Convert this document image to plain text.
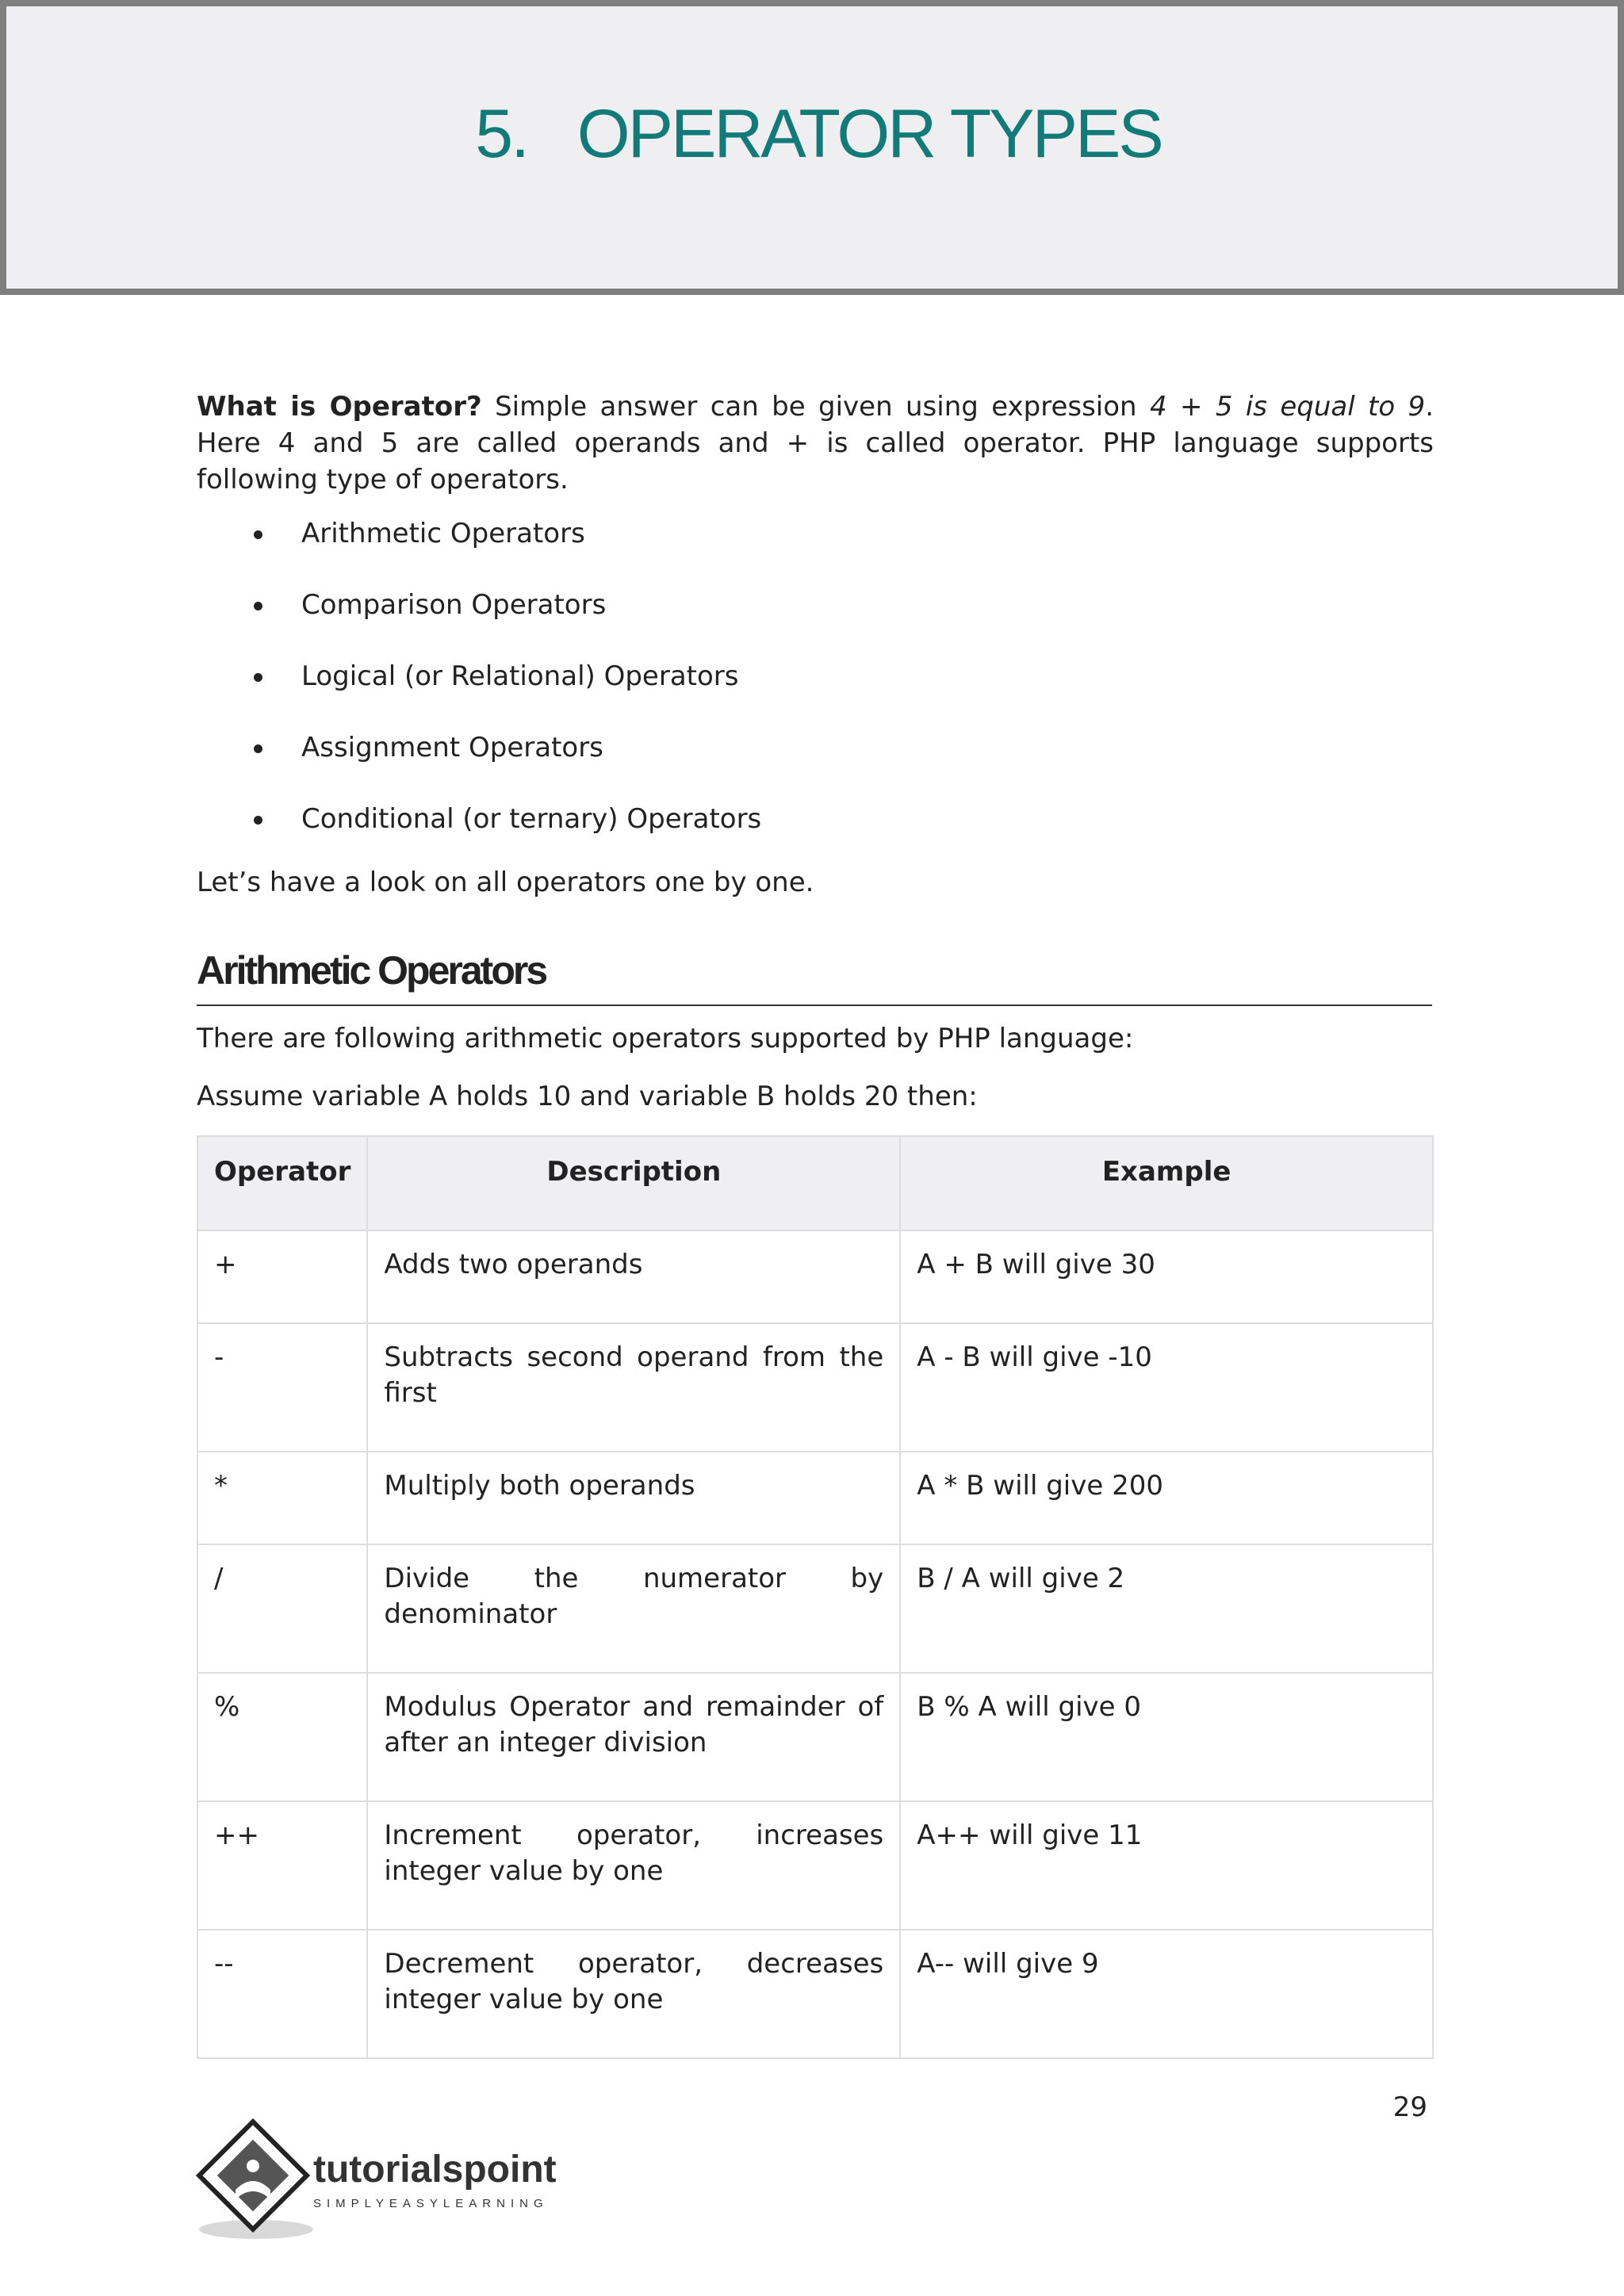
5.   OPERATOR TYPES
What is Operator? Simple answer can be given using expression 4 + 5 is equal to 9. Here 4 and 5 are called operands and + is called operator. PHP language supports following type of operators.
Arithmetic Operators
Comparison Operators
Logical (or Relational) Operators
Assignment Operators
Conditional (or ternary) Operators
Let’s have a look on all operators one by one.
Arithmetic Operators
There are following arithmetic operators supported by PHP language:
Assume variable A holds 10 and variable B holds 20 then:
Operator	Description	Example
+	Adds two operands	A + B will give 30
-	Subtracts second operand from the first	A - B will give -10
*	Multiply both operands	A * B will give 200
/	Divide the numerator by denominator	B / A will give 2
%	Modulus Operator and remainder of after an integer division	B % A will give 0
++	Increment operator, increases integer value by one	A++ will give 11
--	Decrement operator, decreases integer value by one	A-- will give 9
29
tutorialspoint
SIMPLYEASYLEARNING
